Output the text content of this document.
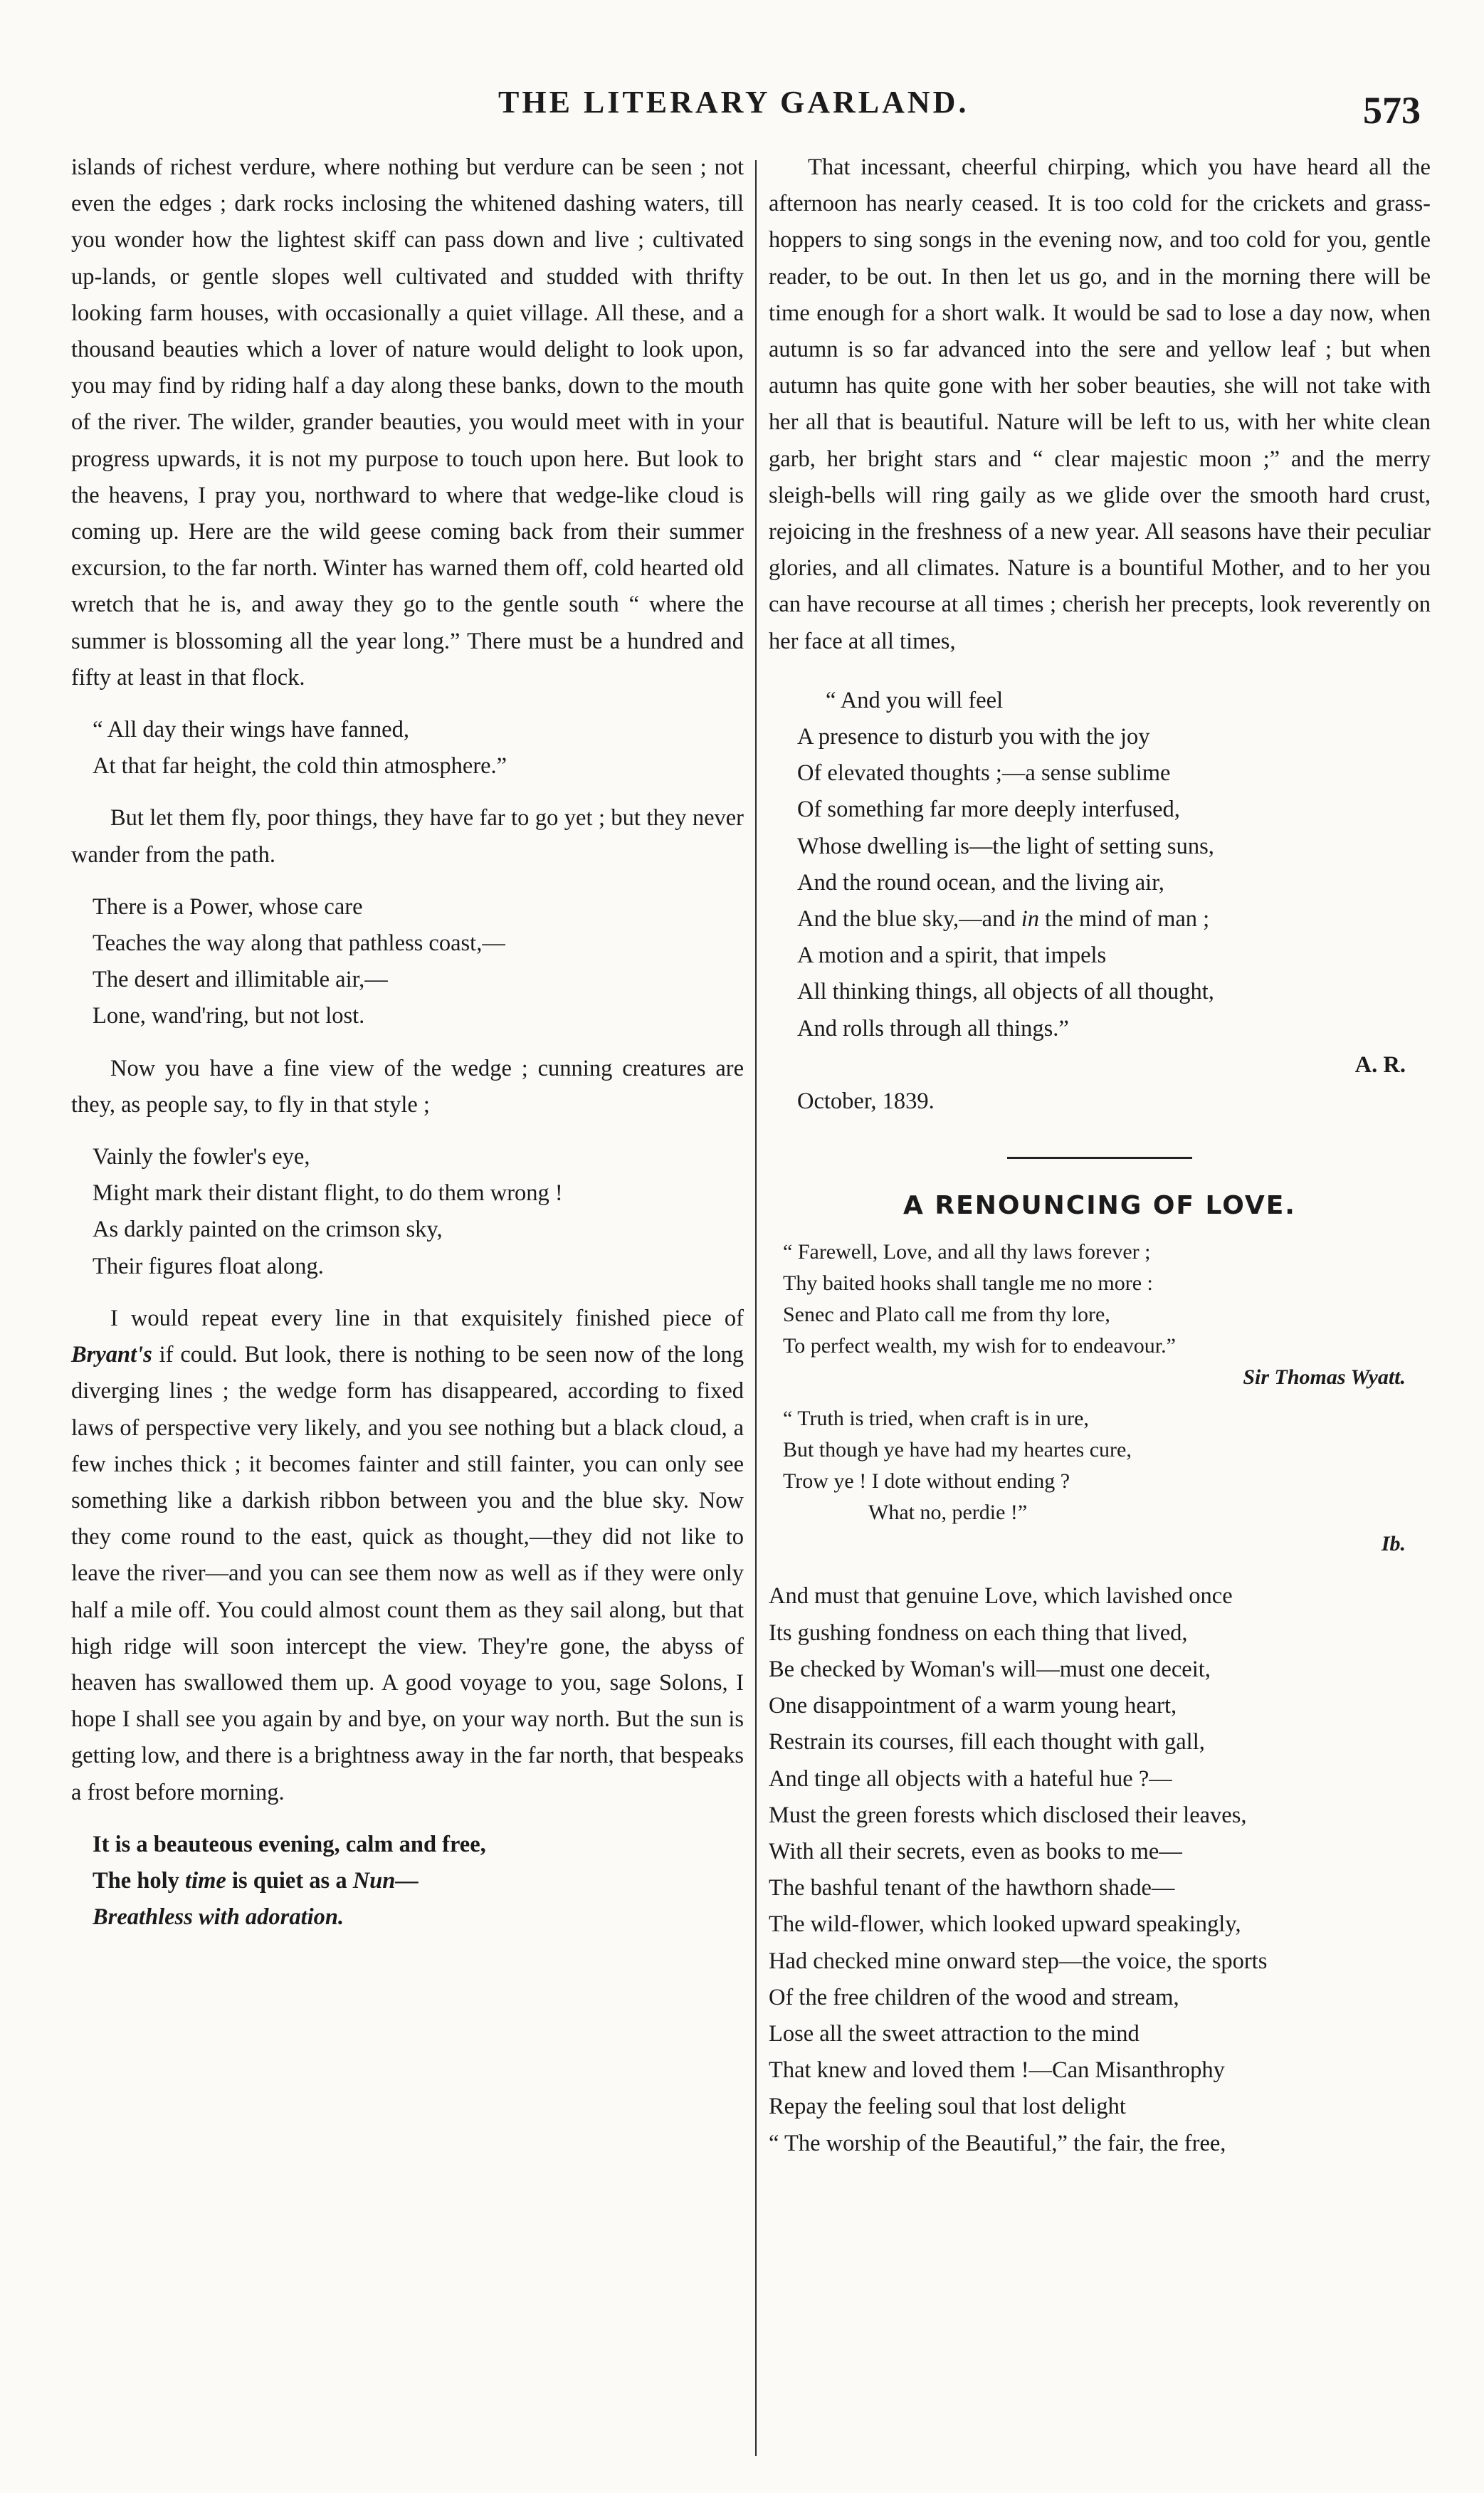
THE LITERARY GARLAND.	573

islands of richest verdure, where nothing but verdure can be seen ; not even the edges ; dark rocks inclosing the whitened dashing waters, till you wonder how the lightest skiff can pass down and live ; cultivated up-lands, or gentle slopes well cultivated and studded with thrifty looking farm houses, with occasionally a quiet village. All these, and a thousand beauties which a lover of nature would delight to look upon, you may find by riding half a day along these banks, down to the mouth of the river. The wilder, grander beauties, you would meet with in your progress upwards, it is not my purpose to touch upon here. But look to the heavens, I pray you, northward to where that wedge-like cloud is coming up. Here are the wild geese coming back from their summer excursion, to the far north. Winter has warned them off, cold hearted old wretch that he is, and away they go to the gentle south “ where the summer is blossoming all the year long.” There must be a hundred and fifty at least in that flock.

“ All day their wings have fanned,
At that far height, the cold thin atmosphere.”

But let them fly, poor things, they have far to go yet ; but they never wander from the path.

There is a Power, whose care
Teaches the way along that pathless coast,—
The desert and illimitable air,—
Lone, wand'ring, but not lost.

Now you have a fine view of the wedge ; cunning creatures are they, as people say, to fly in that style ;

Vainly the fowler's eye,
Might mark their distant flight, to do them wrong !
As darkly painted on the crimson sky,
Their figures float along.

I would repeat every line in that exquisitely finished piece of Bryant's if could. But look, there is nothing to be seen now of the long diverging lines ; the wedge form has disappeared, according to fixed laws of perspective very likely, and you see nothing but a black cloud, a few inches thick ; it becomes fainter and still fainter, you can only see something like a darkish ribbon between you and the blue sky. Now they come round to the east, quick as thought,—they did not like to leave the river—and you can see them now as well as if they were only half a mile off. You could almost count them as they sail along, but that high ridge will soon intercept the view. They're gone, the abyss of heaven has swallowed them up. A good voyage to you, sage Solons, I hope I shall see you again by and bye, on your way north. But the sun is getting low, and there is a brightness away in the far north, that bespeaks a frost before morning.

It is a beauteous evening, calm and free,
The holy time is quiet as a Nun—
Breathless with adoration.

That incessant, cheerful chirping, which you have heard all the afternoon has nearly ceased. It is too cold for the crickets and grass-hoppers to sing songs in the evening now, and too cold for you, gentle reader, to be out. In then let us go, and in the morning there will be time enough for a short walk. It would be sad to lose a day now, when autumn is so far advanced into the sere and yellow leaf ; but when autumn has quite gone with her sober beauties, she will not take with her all that is beautiful. Nature will be left to us, with her white clean garb, her bright stars and “ clear majestic moon ;” and the merry sleigh-bells will ring gaily as we glide over the smooth hard crust, rejoicing in the freshness of a new year. All seasons have their peculiar glories, and all climates. Nature is a bountiful Mother, and to her you can have recourse at all times ; cherish her precepts, look reverently on her face at all times,

“ And you will feel
A presence to disturb you with the joy
Of elevated thoughts ;—a sense sublime
Of something far more deeply interfused,
Whose dwelling is—the light of setting suns,
And the round ocean, and the living air,
And the blue sky,—and in the mind of man ;
A motion and a spirit, that impels
All thinking things, all objects of all thought,
And rolls through all things.”
A. R.
October, 1839.
A RENOUNCING OF LOVE.
“ Farewell, Love, and all thy laws forever ;
Thy baited hooks shall tangle me no more :
Senec and Plato call me from thy lore,
To perfect wealth, my wish for to endeavour.”
Sir Thomas Wyatt.
“ Truth is tried, when craft is in ure,
But though ye have had my heartes cure,
Trow ye ! I dote without ending ?
What no, perdie !”
Ib.
And must that genuine Love, which lavished once
Its gushing fondness on each thing that lived,
Be checked by Woman's will—must one deceit,
One disappointment of a warm young heart,
Restrain its courses, fill each thought with gall,
And tinge all objects with a hateful hue ?—
Must the green forests which disclosed their leaves,
With all their secrets, even as books to me—
The bashful tenant of the hawthorn shade—
The wild-flower, which looked upward speakingly,
Had checked mine onward step—the voice, the sports
Of the free children of the wood and stream,
Lose all the sweet attraction to the mind
That knew and loved them !—Can Misanthrophy
Repay the feeling soul that lost delight
“ The worship of the Beautiful,” the fair, the free,
